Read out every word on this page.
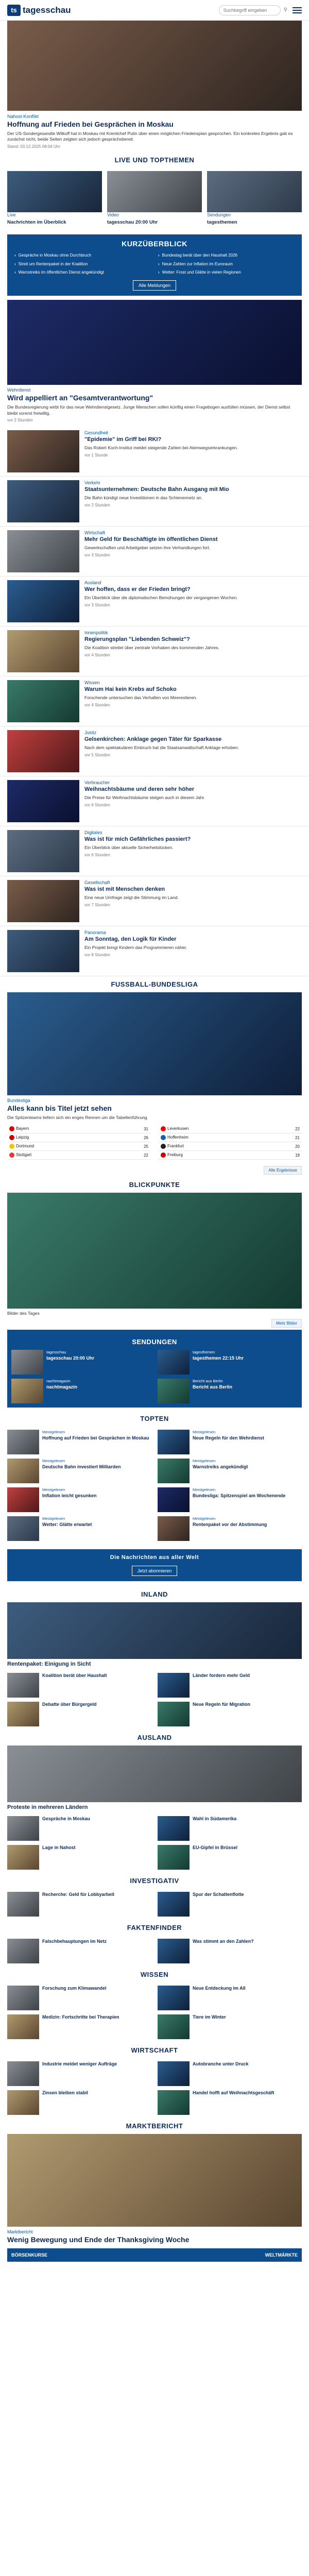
ts tagesschau
Suchbegriff eingeben	⚲
Nahost-Konflikt
Hoffnung auf Frieden bei Gesprächen in Moskau
Der US-Sondergesandte Witkoff hat in Moskau mit Kremlchef Putin über einen möglichen Friedensplan gesprochen. Ein konkretes Ergebnis gab es zunächst nicht, beide Seiten zeigten sich jedoch gesprächsbereit.
Stand: 03.12.2025 08:04 Uhr
LIVE UND TOPTHEMEN
Live
Nachrichten im Überblick
Video
tagesschau 20:00 Uhr
Sendungen
tagesthemen
KURZÜBERBLICK
› Gespräche in Moskau ohne Durchbruch	› Bundestag berät über den Haushalt 2026
› Streit um Rentenpaket in der Koalition	› Neue Zahlen zur Inflation im Euroraum
› Warnstreiks im öffentlichen Dienst angekündigt	› Wetter: Frost und Glätte in vielen Regionen
Alle Meldungen
Wehrdienst
Wird appelliert an "Gesamtverantwortung"
Die Bundesregierung wirbt für das neue Wehrdienstgesetz. Junge Menschen sollen künftig einen Fragebogen ausfüllen müssen, der Dienst selbst bleibt vorerst freiwillig.
vor 2 Stunden
Gesundheit
"Epidemie" im Griff bei RKI?
Das Robert Koch-Institut meldet steigende Zahlen bei Atemwegserkrankungen.
vor 1 Stunde
Verkehr
Staatsunternehmen: Deutsche Bahn Ausgang mit Mio
Die Bahn kündigt neue Investitionen in das Schienennetz an.
vor 2 Stunden
Wirtschaft
Mehr Geld für Beschäftigte im öffentlichen Dienst
Gewerkschaften und Arbeitgeber setzen ihre Verhandlungen fort.
vor 3 Stunden
Ausland
Wer hoffen, dass er der Frieden bringt?
Ein Überblick über die diplomatischen Bemühungen der vergangenen Wochen.
vor 3 Stunden
Innenpolitik
Regierungsplan "Liebenden Schweiz"?
Die Koalition streitet über zentrale Vorhaben des kommenden Jahres.
vor 4 Stunden
Wissen
Warum Hai kein Krebs auf Schoko
Forschende untersuchen das Verhalten von Meerestieren.
vor 4 Stunden
Justiz
Gelsenkirchen: Anklage gegen Täter für Sparkasse
Nach dem spektakulären Einbruch hat die Staatsanwaltschaft Anklage erhoben.
vor 5 Stunden
Verbraucher
Weihnachtsbäume und deren sehr höher
Die Preise für Weihnachtsbäume steigen auch in diesem Jahr.
vor 6 Stunden
Digitales
Was ist für mich Gefährliches passiert?
Ein Überblick über aktuelle Sicherheitslücken.
vor 6 Stunden
Gesellschaft
Was ist mit Menschen denken
Eine neue Umfrage zeigt die Stimmung im Land.
vor 7 Stunden
Panorama
Am Sonntag, den Logik für Kinder
Ein Projekt bringt Kindern das Programmieren näher.
vor 8 Stunden
FUSSBALL-BUNDESLIGA
Bundesliga
Alles kann bis Titel jetzt sehen
Die Spitzenteams liefern sich ein enges Rennen um die Tabellenführung.
Bayern	31
Leipzig	26
Dortmund	25
Stuttgart	22
Leverkusen	22
Hoffenheim	21
Frankfurt	20
Freiburg	19
Alle Ergebnisse
BLICKPUNKTE
Bilder des Tages
Mehr Bilder
SENDUNGEN
tagesschau
tagesschau 20:00 Uhr
tagesthemen
tagesthemen 22:15 Uhr
nachtmagazin
nachtmagazin
Bericht aus Berlin
Bericht aus Berlin
TOPTEN
Meistgelesen
Hoffnung auf Frieden bei Gesprächen in Moskau
Meistgelesen
Neue Regeln für den Wehrdienst
Meistgelesen
Deutsche Bahn investiert Milliarden
Meistgelesen
Warnstreiks angekündigt
Meistgelesen
Inflation leicht gesunken
Meistgelesen
Bundesliga: Spitzenspiel am Wochenende
Meistgelesen
Wetter: Glätte erwartet
Meistgelesen
Rentenpaket vor der Abstimmung
Die Nachrichten aus aller Welt
Jetzt abonnieren
INLAND
Rentenpaket: Einigung in Sicht
Koalition berät über Haushalt	Länder fordern mehr Geld
Debatte über Bürgergeld	Neue Regeln für Migration
AUSLAND
Proteste in mehreren Ländern
Gespräche in Moskau	Wahl in Südamerika
Lage in Nahost	EU-Gipfel in Brüssel
INVESTIGATIV
Recherche: Geld für Lobbyarbeit	Spur der Schattenflotte
FAKTENFINDER
Falschbehauptungen im Netz	Was stimmt an den Zahlen?
WISSEN
Forschung zum Klimawandel	Neue Entdeckung im All
Medizin: Fortschritte bei Therapien	Tiere im Winter
WIRTSCHAFT
Industrie meldet weniger Aufträge	Autobranche unter Druck
Zinsen bleiben stabil	Handel hofft auf Weihnachtsgeschäft
MARKTBERICHT
Marktbericht
Wenig Bewegung und Ende der Thanksgiving Woche
BÖRSENKURSE	WELTMÄRKTE
